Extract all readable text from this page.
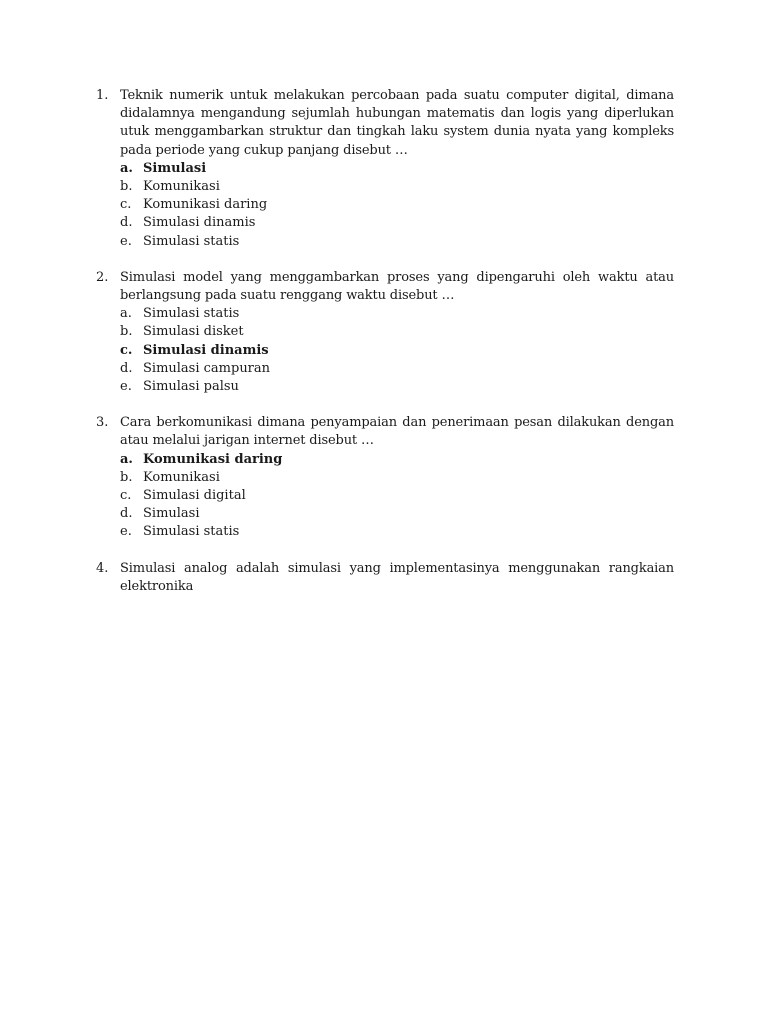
1. Teknik numerik untuk melakukan percobaan pada suatu computer digital, dimana didalamnya mengandung sejumlah hubungan matematis dan logis yang diperlukan utuk menggambarkan struktur dan tingkah laku system dunia nyata yang kompleks pada periode yang cukup panjang disebut …
a. Simulasi
b. Komunikasi
c. Komunikasi daring
d. Simulasi dinamis
e. Simulasi statis
2. Simulasi model yang menggambarkan proses yang dipengaruhi oleh waktu atau berlangsung pada suatu renggang waktu disebut …
a. Simulasi statis
b. Simulasi disket
c. Simulasi dinamis
d. Simulasi campuran
e. Simulasi palsu
3. Cara berkomunikasi dimana penyampaian dan penerimaan pesan dilakukan dengan atau melalui jarigan internet disebut …
a. Komunikasi daring
b. Komunikasi
c. Simulasi digital
d. Simulasi
e. Simulasi statis
4. Simulasi analog adalah simulasi yang implementasinya menggunakan rangkaian elektronika
